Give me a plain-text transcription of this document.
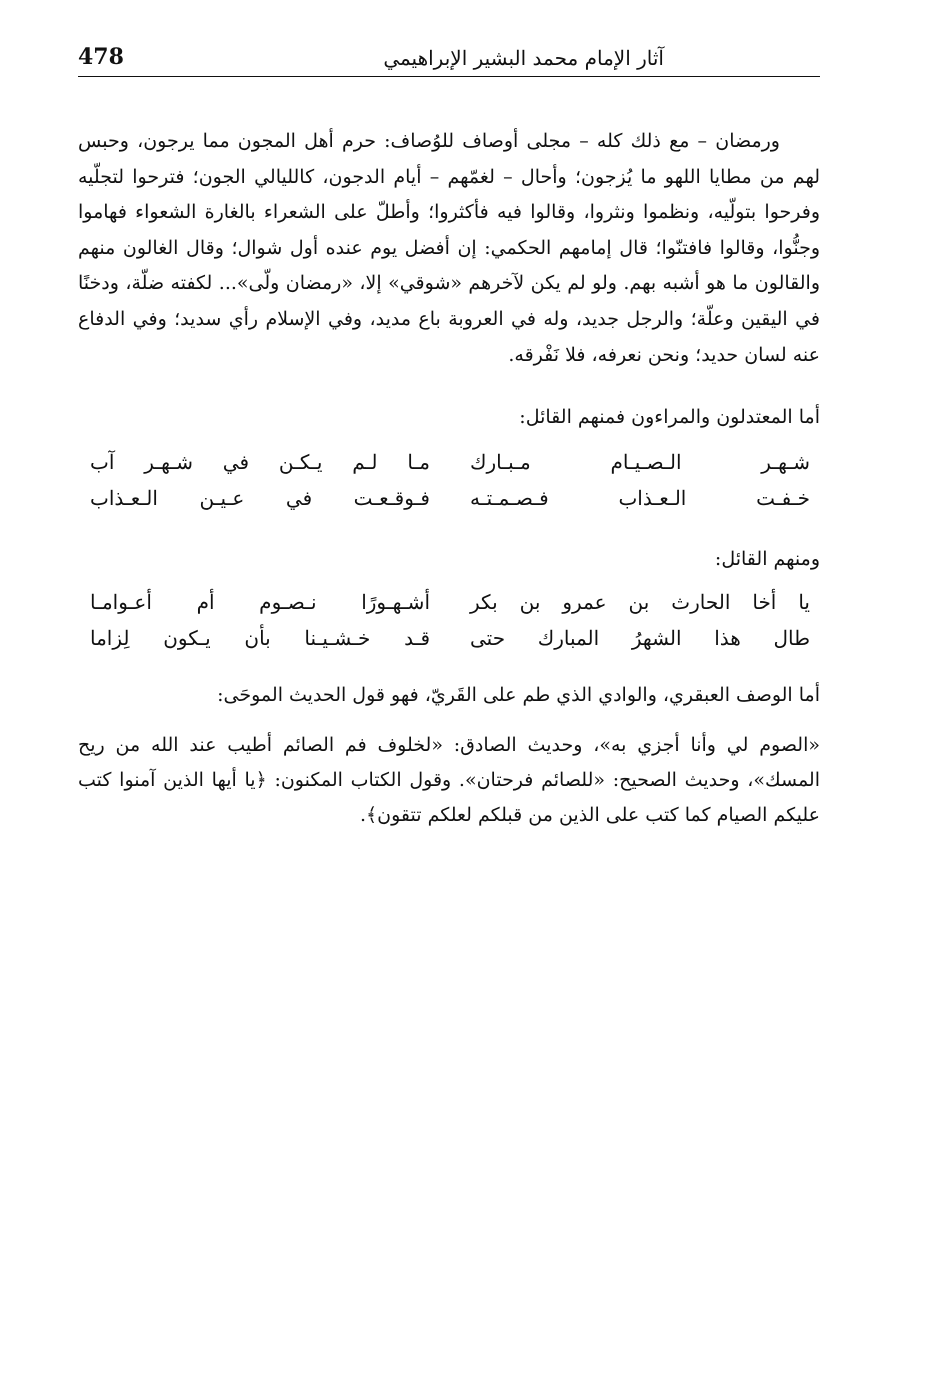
478	آثار الإمام محمد البشير الإبراهيمي
ورمضان – مع ذلك كله – مجلى أوصاف للوُصاف: حرم أهل المجون مما يرجون، وحبس لهم من مطايا اللهو ما يُزجون؛ وأحال – لغمّهم – أيام الدجون، كالليالي الجون؛ فترحوا لتجلّيه وفرحوا بتولّيه، ونظموا ونثروا، وقالوا فيه فأكثروا؛ وأطلّ على الشعراء بالغارة الشعواء فهاموا وجنُّوا، وقالوا فافتنّوا؛ قال إمامهم الحكمي: إن أفضل يوم عنده أول شوال؛ وقال الغالون منهم والقالون ما هو أشبه بهم. ولو لم يكن لآخرهم «شوقي» إلا، «رمضان ولّى»... لكفته ضلّة، ودخنًا في اليقين وعلّة؛ والرجل جديد، وله في العروبة باع مديد، وفي الإسلام رأي سديد؛ وفي الدفاع عنه لسان حديد؛ ونحن نعرفه، فلا نَفْرقه.
أما المعتدلون والمراءون فمنهم القائل:
شـهـر الـصـيـام مـبـارك
مـا لـم يـكـن في شـهـر آب
خـفـت الـعـذاب فـصـمـتـه
فـوقـعـت في عـيـن الـعـذاب
ومنهم القائل:
يا أخا الحارث بن عمرو بن بكر
أشـهـورًا نـصـوم أم أعـوامـا
طال هذا الشهرُ المبارك حتى
قـد خـشـيـنا بأن يـكون لِزاما
أما الوصف العبقري، والوادي الذي طم على القَريّ، فهو قول الحديث الموحَى:
«الصوم لي وأنا أجزي به»، وحديث الصادق: «لخلوف فم الصائم أطيب عند الله من ريح المسك»، وحديث الصحيح: «للصائم فرحتان». وقول الكتاب المكنون: ﴿يا أيها الذين آمنوا كتب عليكم الصيام كما كتب على الذين من قبلكم لعلكم تتقون﴾.
